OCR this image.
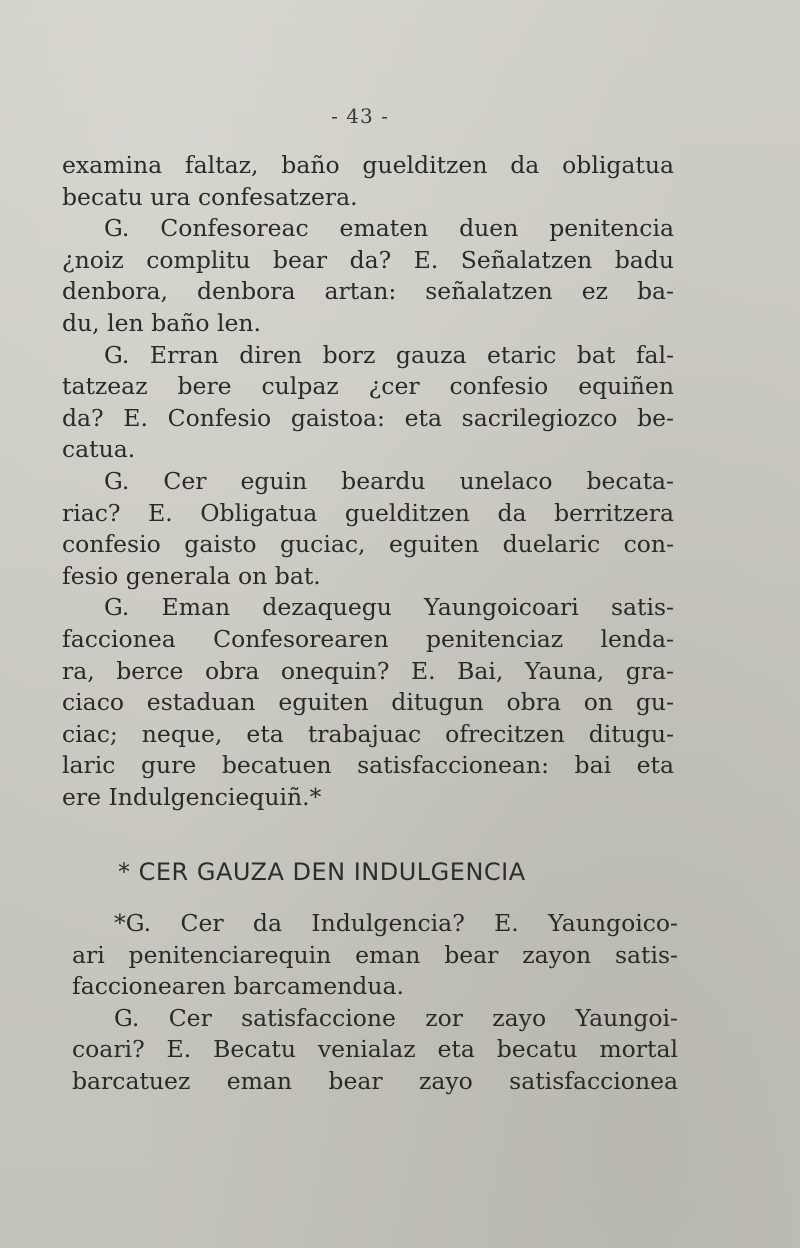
- 43 -
examina faltaz, baño guelditzen da obligatua
becatu ura confesatzera.
G. Confesoreac ematen duen penitencia
¿noiz complitu bear da? E. Señalatzen badu
denbora, denbora artan: señalatzen ez ba-
du, len baño len.
G. Erran diren borz gauza etaric bat fal-
tatzeaz bere culpaz ¿cer confesio equiñen
da? E. Confesio gaistoa: eta sacrilegiozco be-
catua.
G. Cer eguin beardu unelaco becata-
riac? E. Obligatua guelditzen da berritzera
confesio gaisto guciac, eguiten duelaric con-
fesio generala on bat.
G. Eman dezaquegu Yaungoicoari satis-
faccionea Confesorearen penitenciaz lenda-
ra, berce obra onequin? E. Bai, Yauna, gra-
ciaco estaduan eguiten ditugun obra on gu-
ciac; neque, eta trabajuac ofrecitzen ditugu-
laric gure becatuen satisfaccionean: bai eta
ere Indulgenciequiñ.*
* CER GAUZA DEN INDULGENCIA
*G. Cer da Indulgencia? E. Yaungoico-
ari penitenciarequin eman bear zayon satis-
faccionearen barcamendua.
G. Cer satisfaccione zor zayo Yaungoi-
coari? E. Becatu venialaz eta becatu mortal
barcatuez eman bear zayo satisfaccionea
